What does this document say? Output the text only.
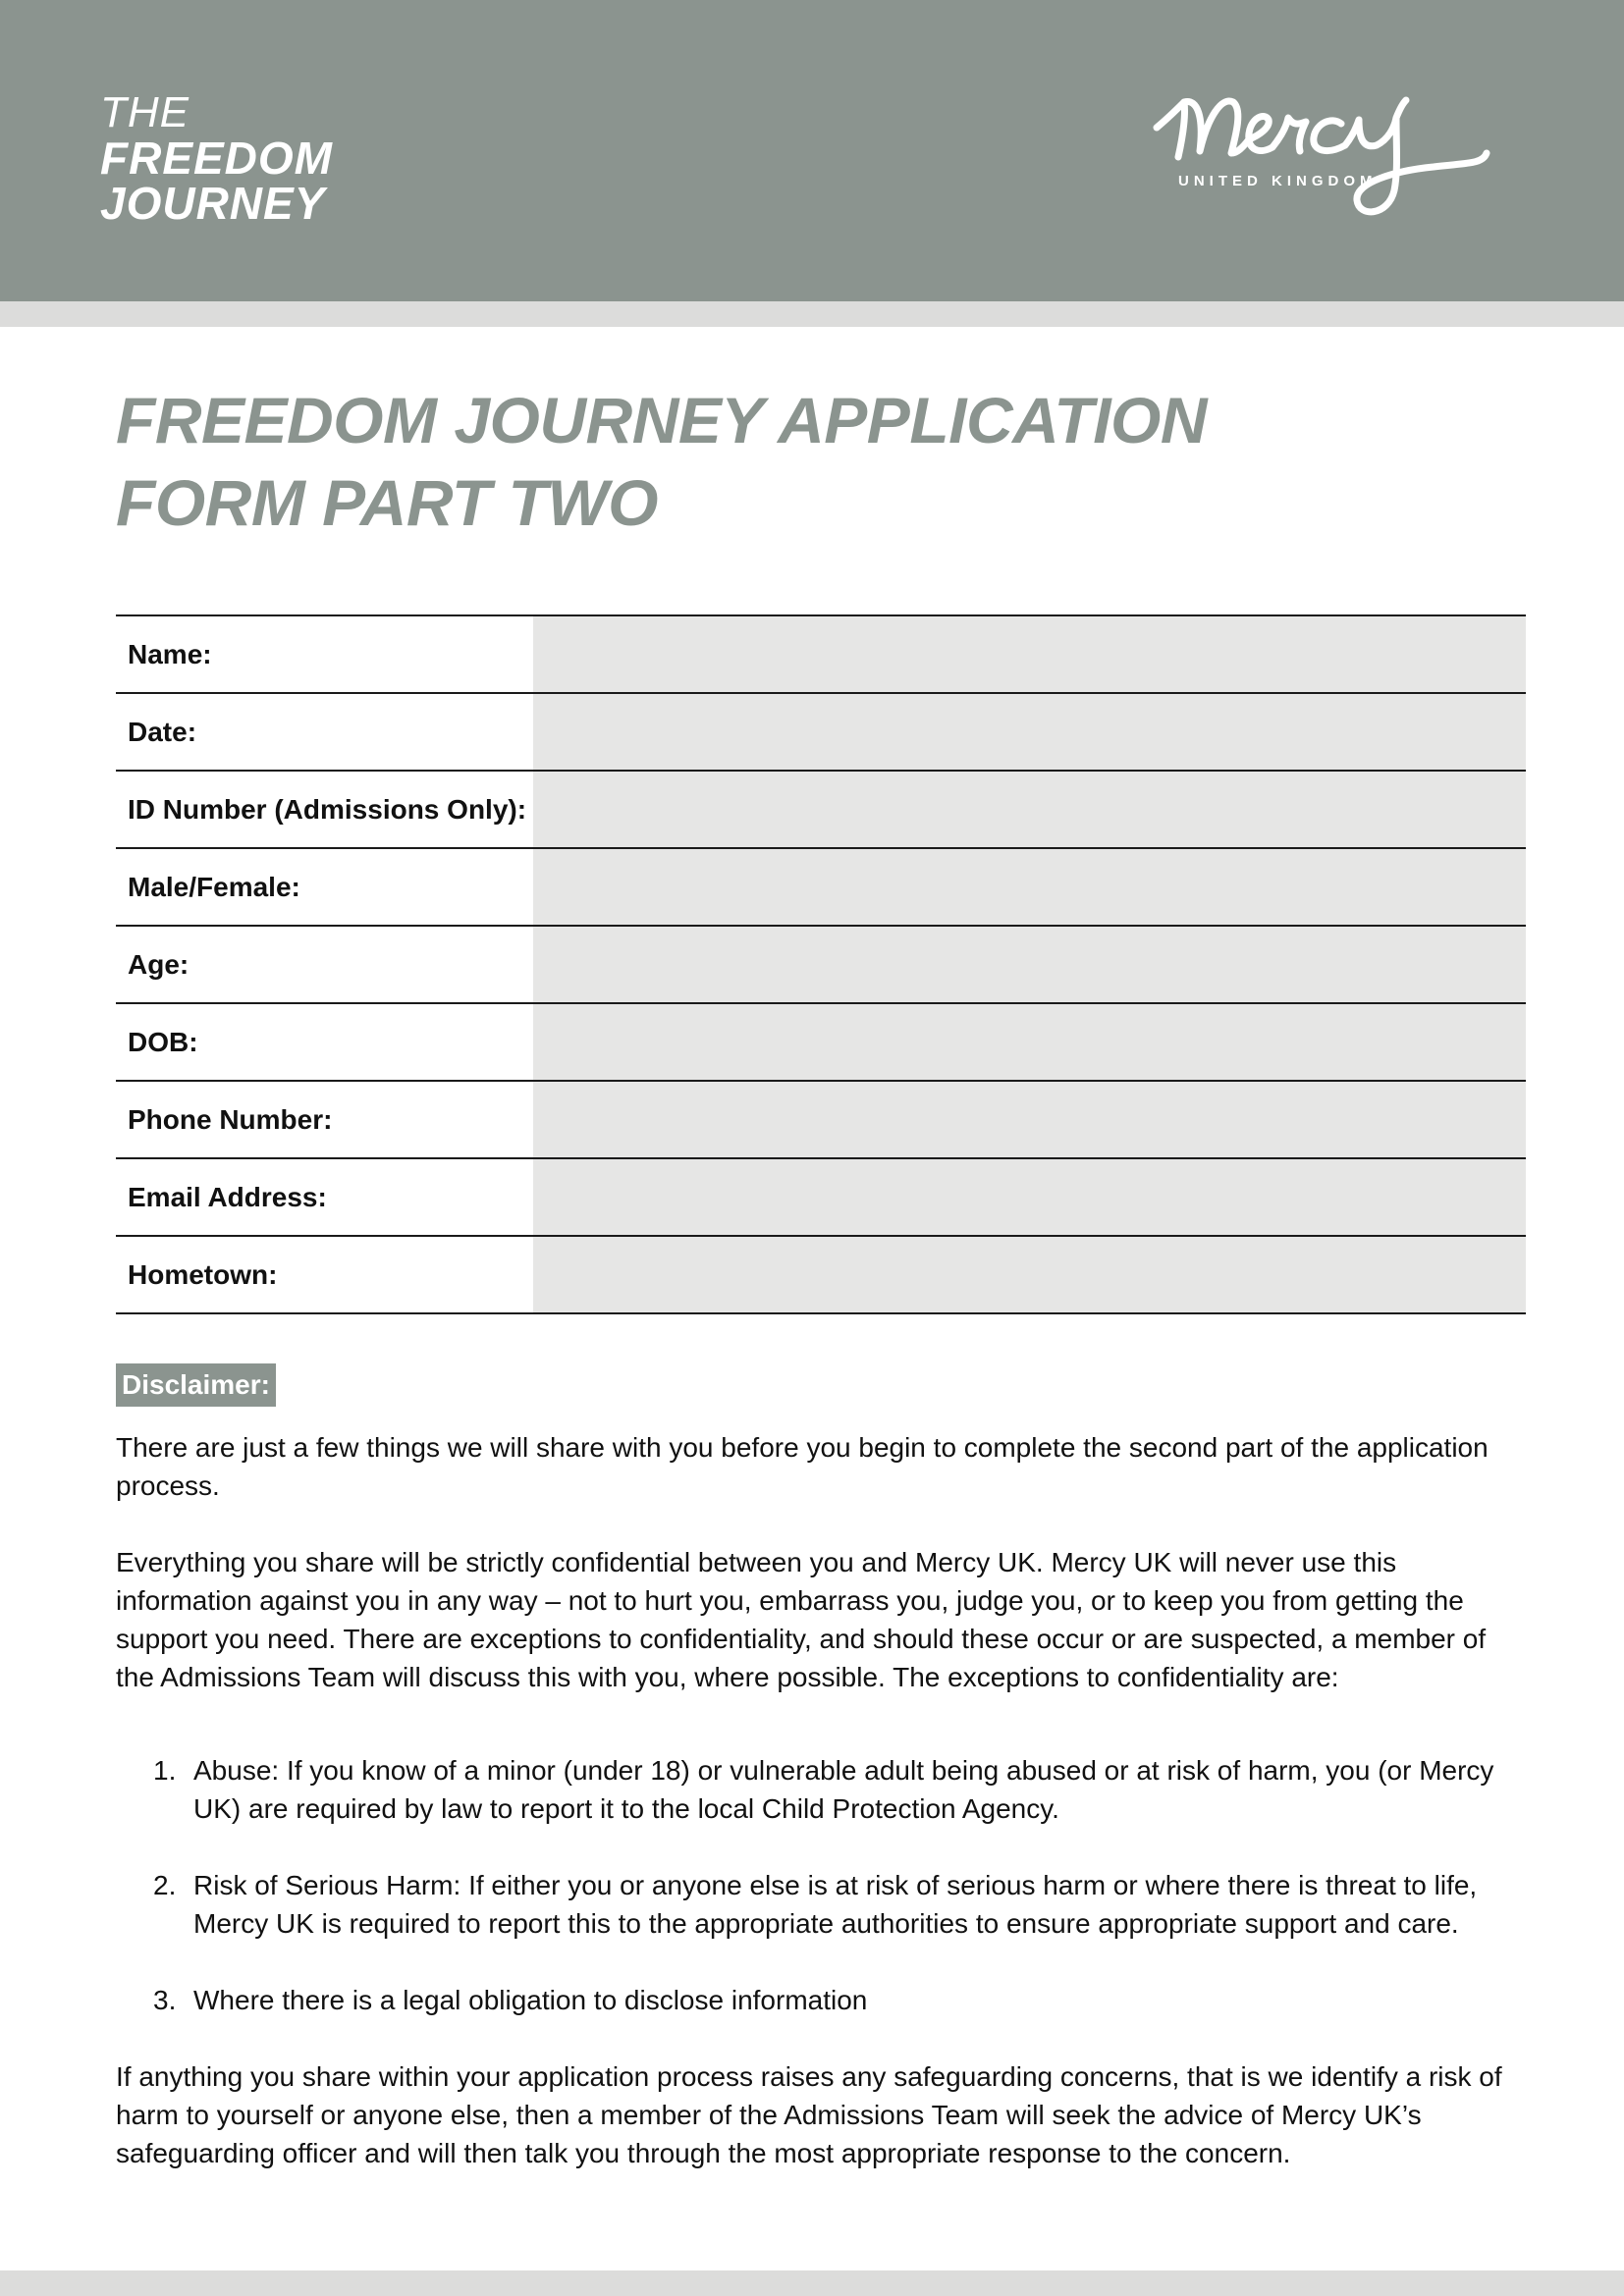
THE
FREEDOM
JOURNEY	UNITED KINGDOM
FREEDOM JOURNEY APPLICATION
FORM PART TWO
Name:	
Date:	
ID Number (Admissions Only):	
Male/Female:	
Age:	
DOB:	
Phone Number:	
Email Address:	
Hometown:	
Disclaimer:

There are just a few things we will share with you before you begin to complete the second part of the application process.

Everything you share will be strictly confidential between you and Mercy UK. Mercy UK will never use this information against you in any way – not to hurt you, embarrass you, judge you, or to keep you from getting the support you need. There are exceptions to confidentiality, and should these occur or are suspected, a member of the Admissions Team will discuss this with you, where possible. The exceptions to confidentiality are:

1. Abuse: If you know of a minor (under 18) or vulnerable adult being abused or at risk of harm, you (or Mercy UK) are required by law to report it to the local Child Protection Agency.
2. Risk of Serious Harm: If either you or anyone else is at risk of serious harm or where there is threat to life, Mercy UK is required to report this to the appropriate authorities to ensure appropriate support and care.
3. Where there is a legal obligation to disclose information

If anything you share within your application process raises any safeguarding concerns, that is we identify a risk of harm to yourself or anyone else, then a member of the Admissions Team will seek the advice of Mercy UK’s safeguarding officer and will then talk you through the most appropriate response to the concern.
